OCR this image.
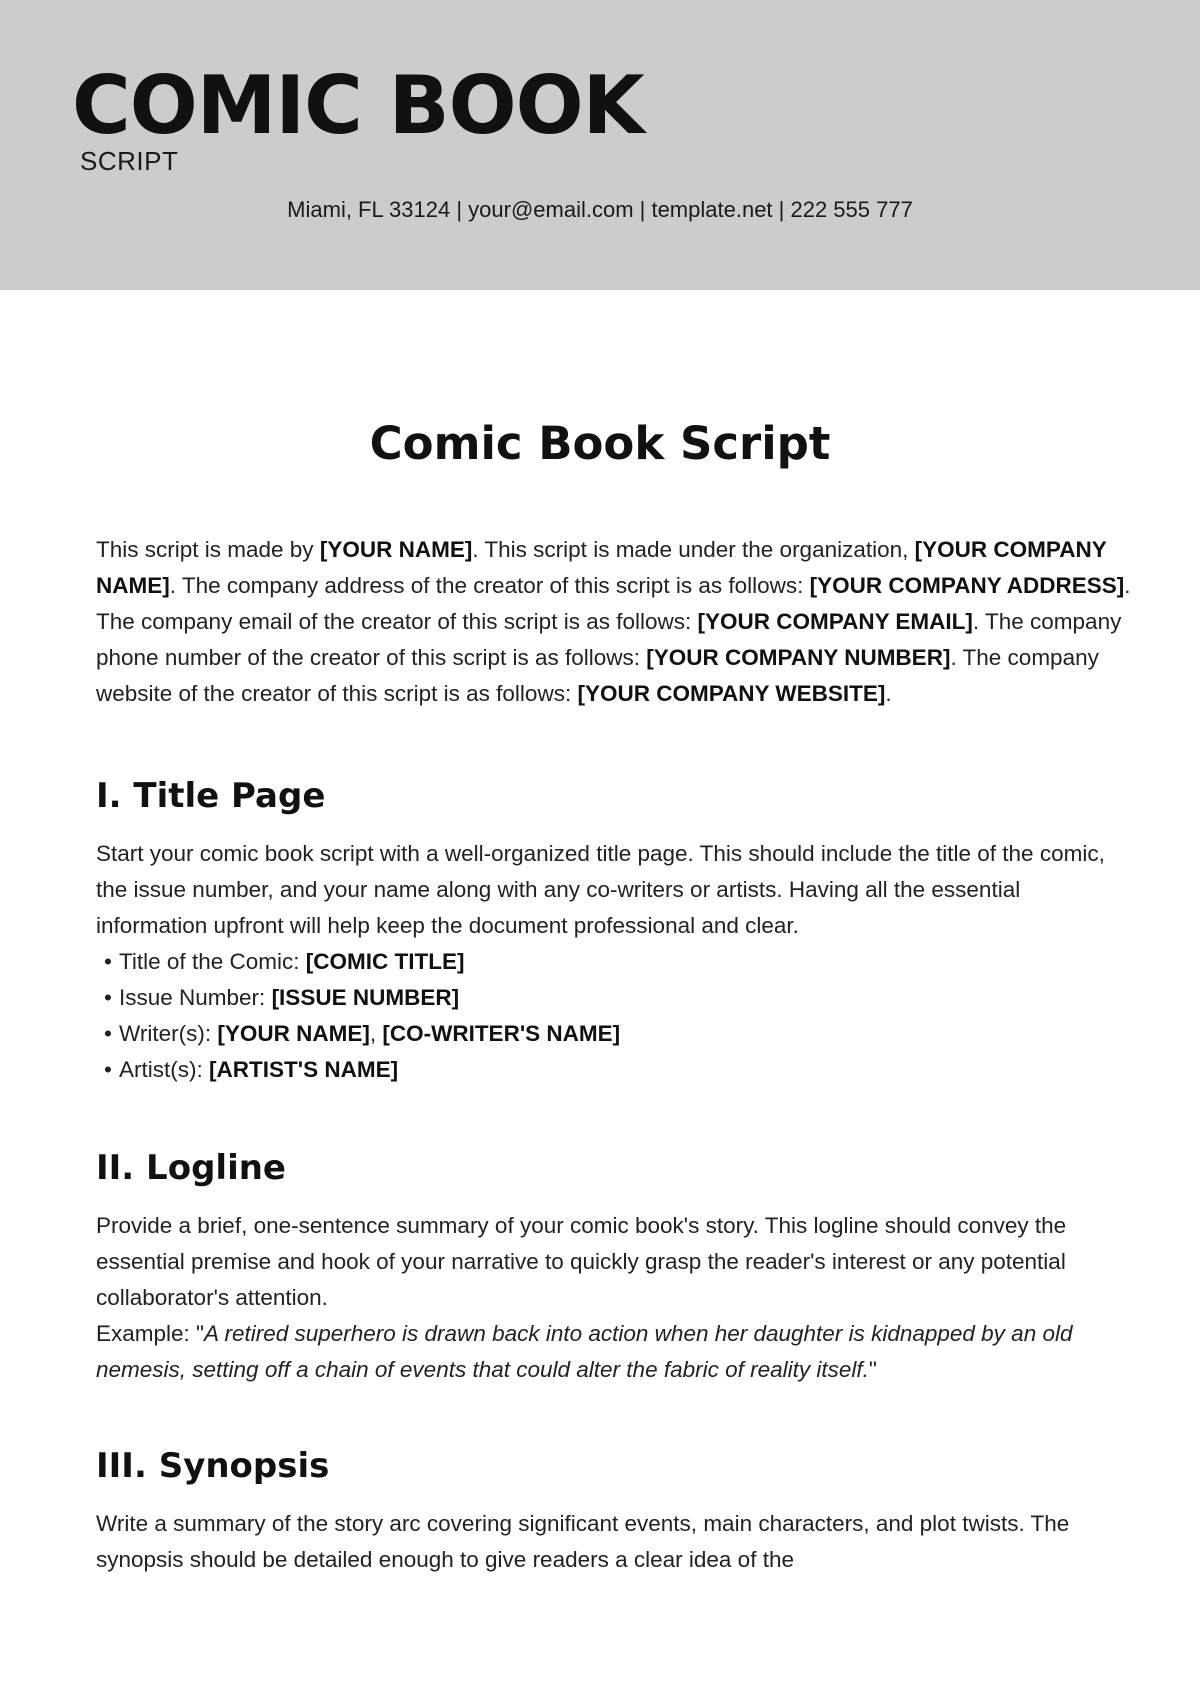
COMIC BOOK
SCRIPT
Miami, FL 33124 | your@email.com | template.net | 222 555 777
Comic Book Script

This script is made by [YOUR NAME]. This script is made under the organization, [YOUR COMPANY NAME]. The company address of the creator of this script is as follows: [YOUR COMPANY ADDRESS]. The company email of the creator of this script is as follows: [YOUR COMPANY EMAIL]. The company phone number of the creator of this script is as follows: [YOUR COMPANY NUMBER]. The company website of the creator of this script is as follows: [YOUR COMPANY WEBSITE].

I. Title Page

Start your comic book script with a well-organized title page. This should include the title of the comic, the issue number, and your name along with any co-writers or artists. Having all the essential information upfront will help keep the document professional and clear.

• Title of the Comic: [COMIC TITLE]
• Issue Number: [ISSUE NUMBER]
• Writer(s): [YOUR NAME], [CO-WRITER'S NAME]
• Artist(s): [ARTIST'S NAME]
II. Logline

Provide a brief, one-sentence summary of your comic book's story. This logline should convey the essential premise and hook of your narrative to quickly grasp the reader's interest or any potential collaborator's attention.

Example: "A retired superhero is drawn back into action when her daughter is kidnapped by an old nemesis, setting off a chain of events that could alter the fabric of reality itself."

III. Synopsis

Write a summary of the story arc covering significant events, main characters, and plot twists. The synopsis should be detailed enough to give readers a clear idea of the
